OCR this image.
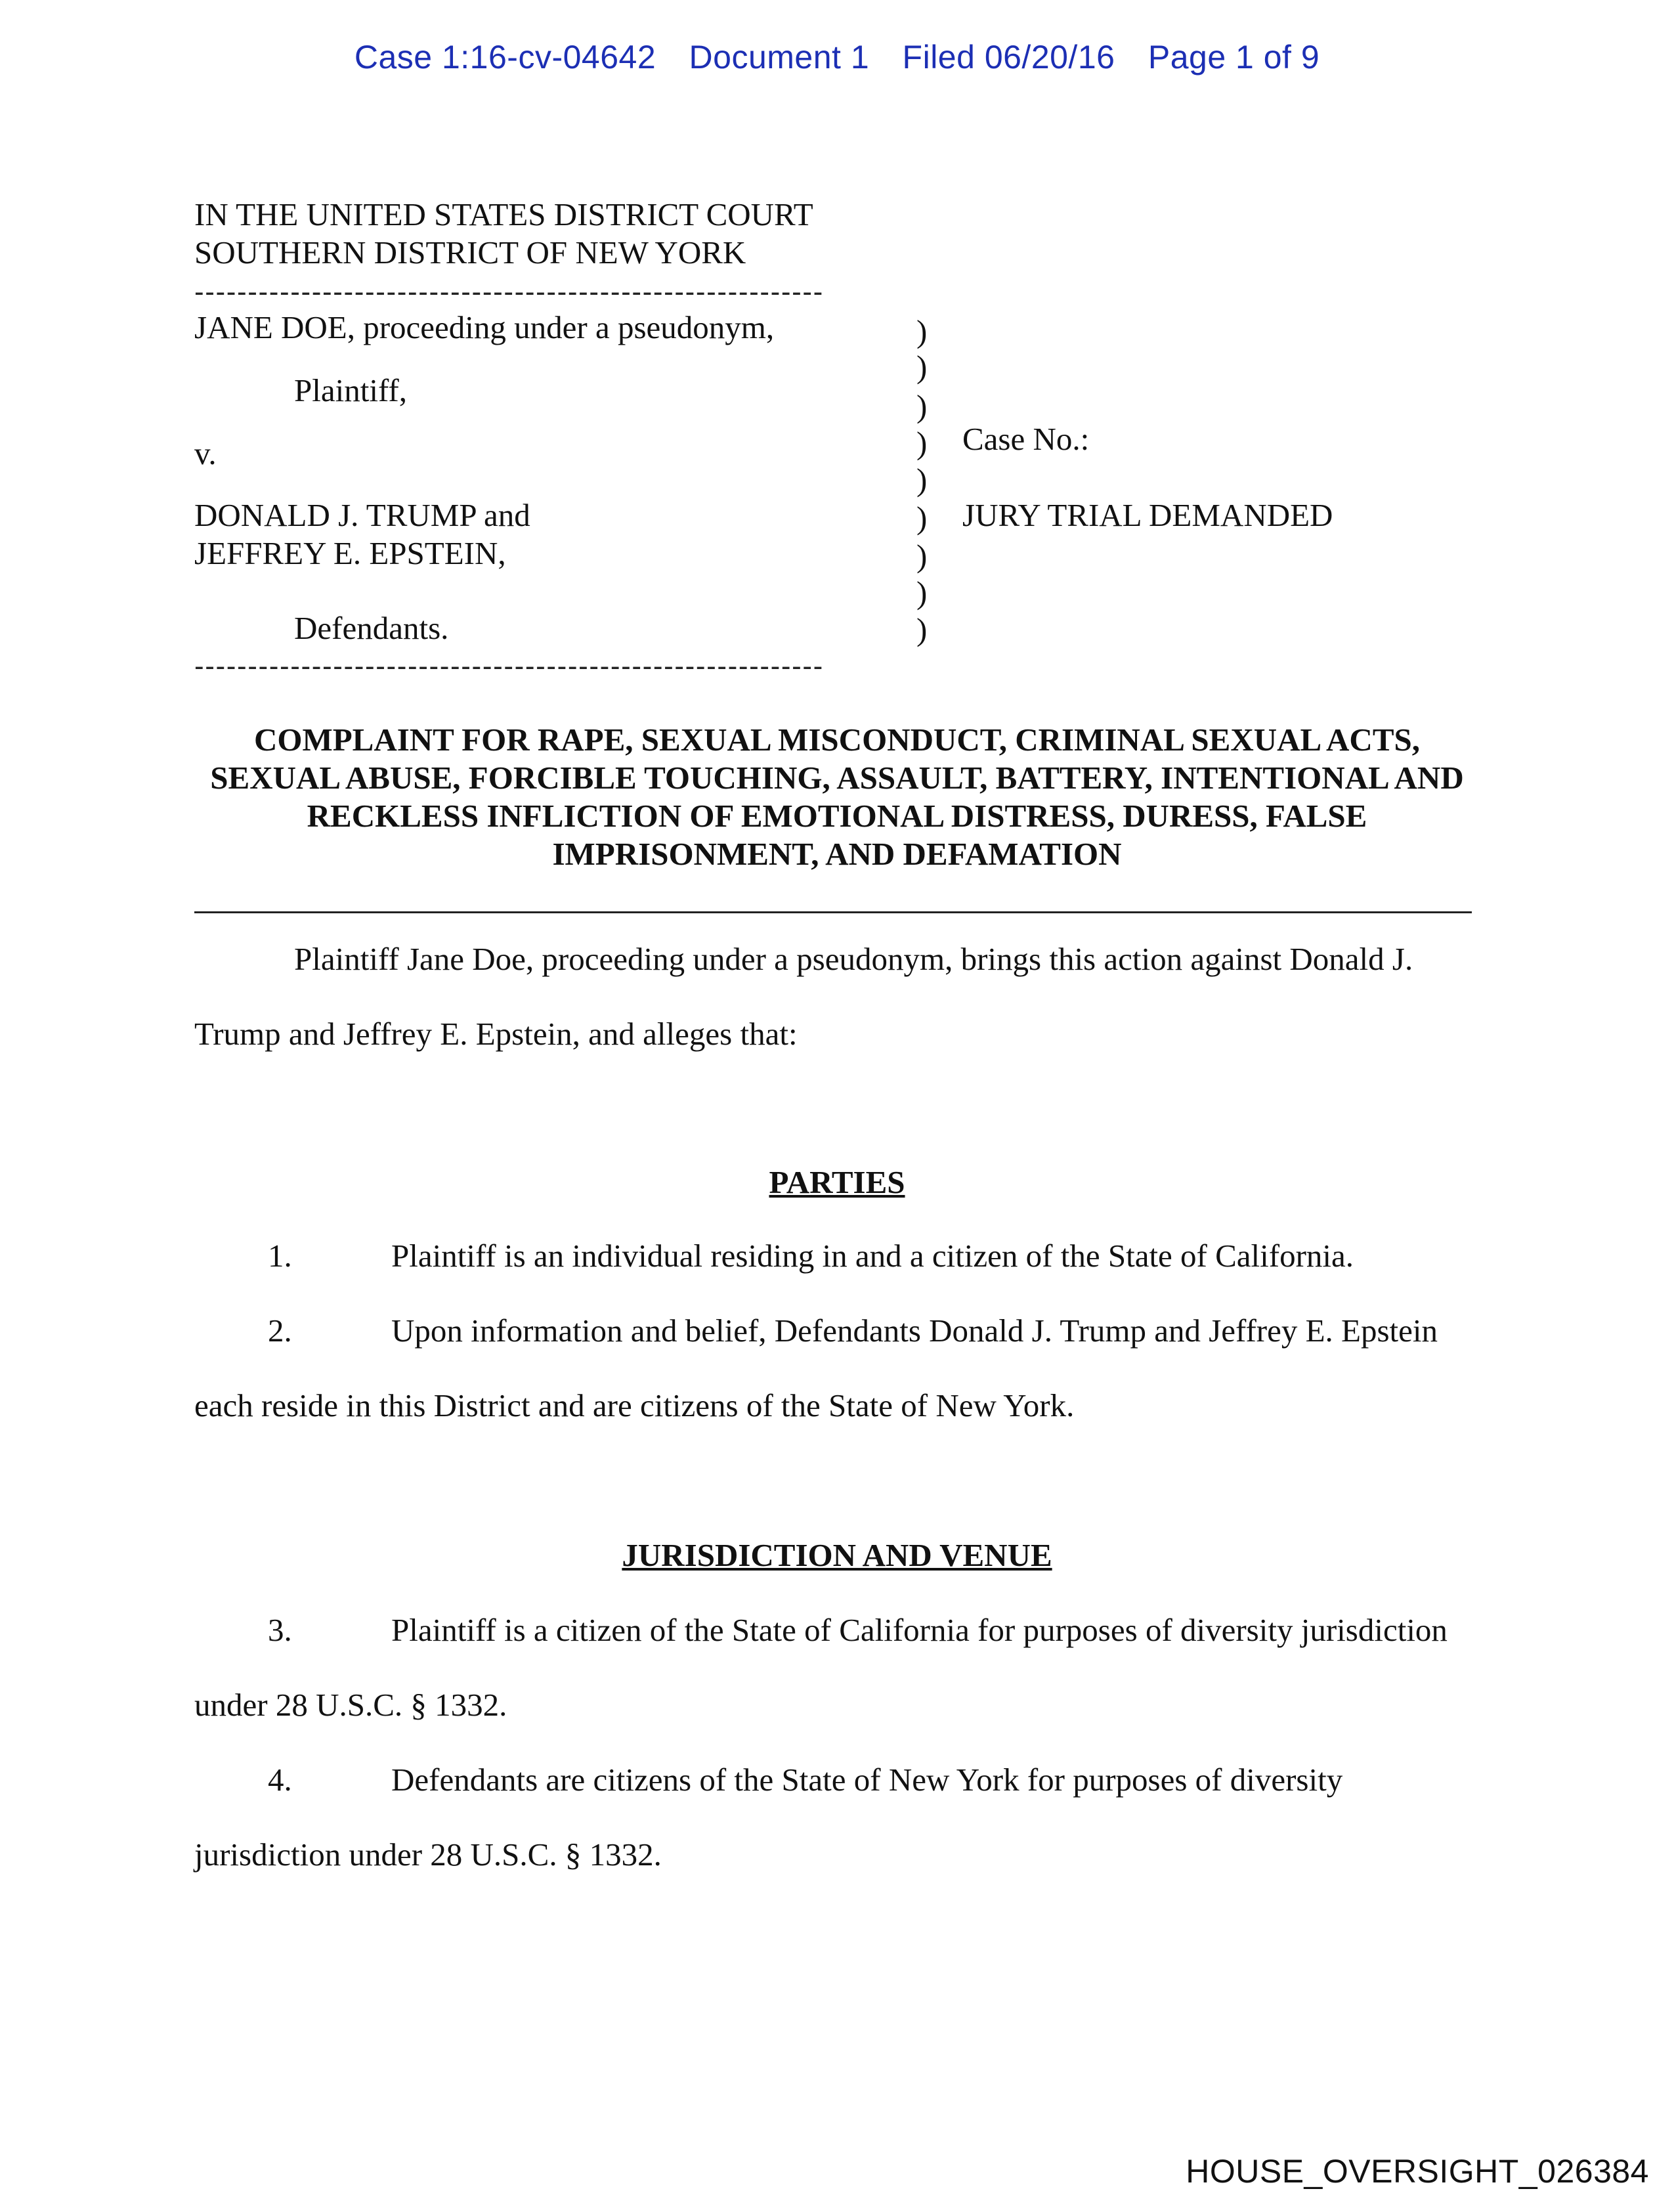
Case 1:16-cv-04642 Document 1 Filed 06/20/16 Page 1 of 9
IN THE UNITED STATES DISTRICT COURT
SOUTHERN DISTRICT OF NEW YORK
-----------------------------------------------------------
JANE DOE, proceeding under a pseudonym,
Plaintiff,
v.
DONALD J. TRUMP and
JEFFREY E. EPSTEIN,
Defendants.
)
)
)
)
)
)
)
)
)
Case No.:
JURY TRIAL DEMANDED
-----------------------------------------------------------
COMPLAINT FOR RAPE, SEXUAL MISCONDUCT, CRIMINAL SEXUAL ACTS, SEXUAL ABUSE, FORCIBLE TOUCHING, ASSAULT, BATTERY, INTENTIONAL AND RECKLESS INFLICTION OF EMOTIONAL DISTRESS, DURESS, FALSE IMPRISONMENT, AND DEFAMATION
Plaintiff Jane Doe, proceeding under a pseudonym, brings this action against Donald J.
Trump and Jeffrey E. Epstein, and alleges that:
PARTIES
1.	Plaintiff is an individual residing in and a citizen of the State of California.
2.	Upon information and belief, Defendants Donald J. Trump and Jeffrey E. Epstein
each reside in this District and are citizens of the State of New York.
JURISDICTION AND VENUE
3.	Plaintiff is a citizen of the State of California for purposes of diversity jurisdiction
under 28 U.S.C. § 1332.
4.	Defendants are citizens of the State of New York for purposes of diversity
jurisdiction under 28 U.S.C. § 1332.
HOUSE_OVERSIGHT_026384
